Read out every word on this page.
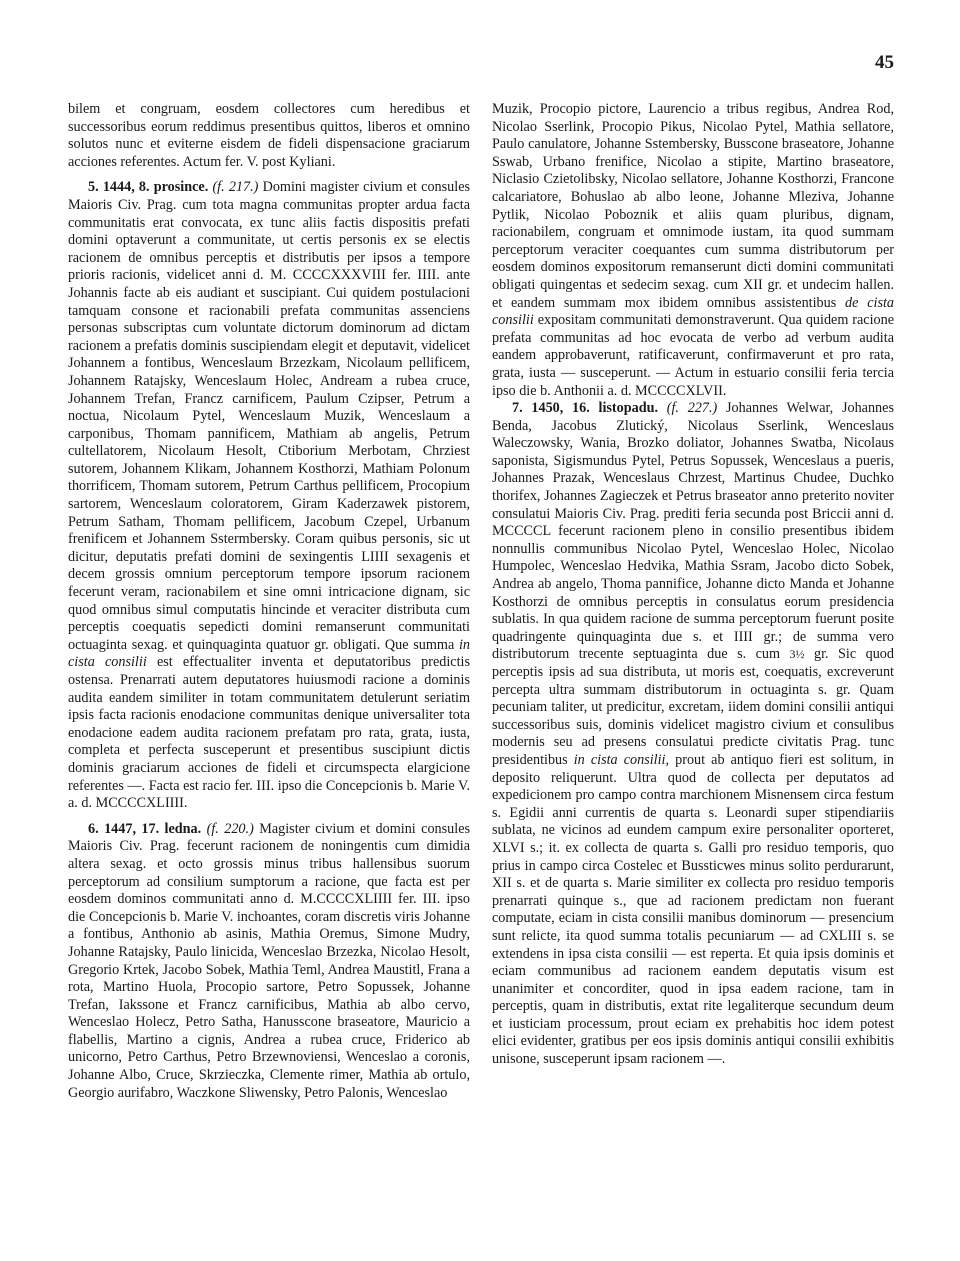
45

bilem et congruam, eosdem collectores cum heredibus et successoribus eorum reddimus presentibus quittos, liberos et omnino solutos nunc et eviterne eisdem de fideli dispensacione graciarum acciones referentes. Actum fer. V. post Kyliani.

5. 1444, 8. prosince. (f. 217.) Domini magister civium et consules Maioris Civ. Prag. cum tota magna communitas propter ardua facta communitatis erat convocata, ex tunc aliis factis dispositis prefati domini optaverunt a communitate, ut certis personis ex se electis racionem de omnibus perceptis et distributis per ipsos a tempore prioris racionis, videlicet anni d. M. CCCCXXXVIII fer. IIII. ante Johannis facte ab eis audiant et suscipiant. Cui quidem postulacioni tamquam consone et racionabili prefata communitas assenciens personas subscriptas cum voluntate dictorum dominorum ad dictam racionem a prefatis dominis suscipiendam elegit et deputavit, videlicet Johannem a fontibus, Wenceslaum Brzezkam, Nicolaum pellificem, Johannem Ratajsky, Wenceslaum Holec, Andream a rubea cruce, Johannem Trefan, Francz carnificem, Paulum Czipser, Petrum a noctua, Nicolaum Pytel, Wenceslaum Muzik, Wenceslaum a carponibus, Thomam pannificem, Mathiam ab angelis, Petrum cultellatorem, Nicolaum Hesolt, Ctiborium Merbotam, Chrziest sutorem, Johannem Klikam, Johannem Kosthorzi, Mathiam Polonum thorrificem, Thomam sutorem, Petrum Carthus pellificem, Procopium sartorem, Wenceslaum coloratorem, Giram Kaderzawek pistorem, Petrum Satham, Thomam pellificem, Jacobum Czepel, Urbanum frenificem et Johannem Sstermbersky. Coram quibus personis, sic ut dicitur, deputatis prefati domini de sexingentis LIIII sexagenis et decem grossis omnium perceptorum tempore ipsorum racionem fecerunt veram, racionabilem et sine omni intricacione dignam, sic quod omnibus simul computatis hincinde et veraciter distributa cum perceptis coequatis sepedicti domini remanserunt communitati octuaginta sexag. et quinquaginta quatuor gr. obligati. Que summa in cista consilii est effectualiter inventa et deputatoribus predictis ostensa. Prenarrati autem deputatores huiusmodi racione a dominis audita eandem similiter in totam communitatem detulerunt seriatim ipsis facta racionis enodacione communitas denique universaliter tota enodacione eadem audita racionem prefatam pro rata, grata, iusta, completa et perfecta susceperunt et presentibus suscipiunt dictis dominis graciarum acciones de fideli et circumspecta elargicione referentes —. Facta est racio fer. III. ipso die Concepcionis b. Marie V. a. d. MCCCCXLIIII.

6. 1447, 17. ledna. (f. 220.) Magister civium et domini consules Maioris Civ. Prag. fecerunt racionem de noningentis cum dimidia altera sexag. et octo grossis minus tribus hallensibus suorum perceptorum ad consilium sumptorum a racione, que facta est per eosdem dominos communitati anno d. M.CCCCXLIIII fer. III. ipso die Concepcionis b. Marie V. inchoantes, coram discretis viris Johanne a fontibus, Anthonio ab asinis, Mathia Oremus, Simone Mudry, Johanne Ratajsky, Paulo linicida, Wenceslao Brzezka, Nicolao Hesolt, Gregorio Krtek, Jacobo Sobek, Mathia Teml, Andrea Maustitl, Frana a rota, Martino Huola, Procopio sartore, Petro Sopussek, Johanne Trefan, Iakssone et Francz carnificibus, Mathia ab albo cervo, Wenceslao Holecz, Petro Satha, Hanusscone braseatore, Mauricio a flabellis, Martino a cignis, Andrea a rubea cruce, Friderico ab unicorno, Petro Carthus, Petro Brzewnoviensi, Wenceslao a coronis, Johanne Albo, Cruce, Skrzieczka, Clemente rimer, Mathia ab ortulo, Georgio aurifabro, Waczkone Sliwensky, Petro Palonis, Wenceslao

Muzik, Procopio pictore, Laurencio a tribus regibus, Andrea Rod, Nicolao Sserlink, Procopio Pikus, Nicolao Pytel, Mathia sellatore, Paulo canulatore, Johanne Sstembersky, Busscone braseatore, Johanne Sswab, Urbano frenifice, Nicolao a stipite, Martino braseatore, Niclasio Czietolibsky, Nicolao sellatore, Johanne Kosthorzi, Francone calcariatore, Bohuslao ab albo leone, Johanne Mleziva, Johanne Pytlik, Nicolao Poboznik et aliis quam pluribus, dignam, racionabilem, congruam et omnimode iustam, ita quod summam perceptorum veraciter coequantes cum summa distributorum per eosdem dominos expositorum remanserunt dicti domini communitati obligati quingentas et sedecim sexag. cum XII gr. et undecim hallen. et eandem summam mox ibidem omnibus assistentibus de cista consilii expositam communitati demonstraverunt. Qua quidem racione prefata communitas ad hoc evocata de verbo ad verbum audita eandem approbaverunt, ratificaverunt, confirmaverunt et pro rata, grata, iusta — susceperunt. — Actum in estuario consilii feria tercia ipso die b. Anthonii a. d. MCCCCXLVII.

7. 1450, 16. listopadu. (f. 227.) Johannes Welwar, Johannes Benda, Jacobus Zlutický, Nicolaus Sserlink, Wenceslaus Waleczowsky, Wania, Brozko doliator, Johannes Swatba, Nicolaus saponista, Sigismundus Pytel, Petrus Sopussek, Wenceslaus a pueris, Johannes Prazak, Wenceslaus Chrzest, Martinus Chudee, Duchko thorifex, Johannes Zagieczek et Petrus braseator anno preterito noviter consulatui Maioris Civ. Prag. prediti feria secunda post Briccii anni d. MCCCCL fecerunt racionem pleno in consilio presentibus ibidem nonnullis communibus Nicolao Pytel, Wenceslao Holec, Nicolao Humpolec, Wenceslao Hedvika, Mathia Ssram, Jacobo dicto Sobek, Andrea ab angelo, Thoma pannifice, Johanne dicto Manda et Johanne Kosthorzi de omnibus perceptis in consulatus eorum presidencia sublatis. In qua quidem racione de summa perceptorum fuerunt posite quadringente quinquaginta due s. et IIII gr.; de summa vero distributorum trecente septuaginta due s. cum 3½ gr. Sic quod perceptis ipsis ad sua distributa, ut moris est, coequatis, excreverunt percepta ultra summam distributorum in octuaginta s. gr. Quam pecuniam taliter, ut predicitur, excretam, iidem domini consilii antiqui successoribus suis, dominis videlicet magistro civium et consulibus modernis seu ad presens consulatui predicte civitatis Prag. tunc presidentibus in cista consilii, prout ab antiquo fieri est solitum, in deposito reliquerunt. Ultra quod de collecta per deputatos ad expedicionem pro campo contra marchionem Misnensem circa festum s. Egidii anni currentis de quarta s. Leonardi super stipendiariis sublata, ne vicinos ad eundem campum exire personaliter oporteret, XLVI s.; it. ex collecta de quarta s. Galli pro residuo temporis, quo prius in campo circa Costelec et Bussticwes minus solito perdurarunt, XII s. et de quarta s. Marie similiter ex collecta pro residuo temporis prenarrati quinque s., que ad racionem predictam non fuerant computate, eciam in cista consilii manibus dominorum — presencium sunt relicte, ita quod summa totalis pecuniarum — ad CXLIII s. se extendens in ipsa cista consilii — est reperta. Et quia ipsis dominis et eciam communibus ad racionem eandem deputatis visum est unanimiter et concorditer, quod in ipsa eadem racione, tam in perceptis, quam in distributis, extat rite legaliterque secundum deum et iusticiam processum, prout eciam ex prehabitis hoc idem potest elici evidenter, gratibus per eos ipsis dominis antiqui consilii exhibitis unisone, susceperunt ipsam racionem —.
